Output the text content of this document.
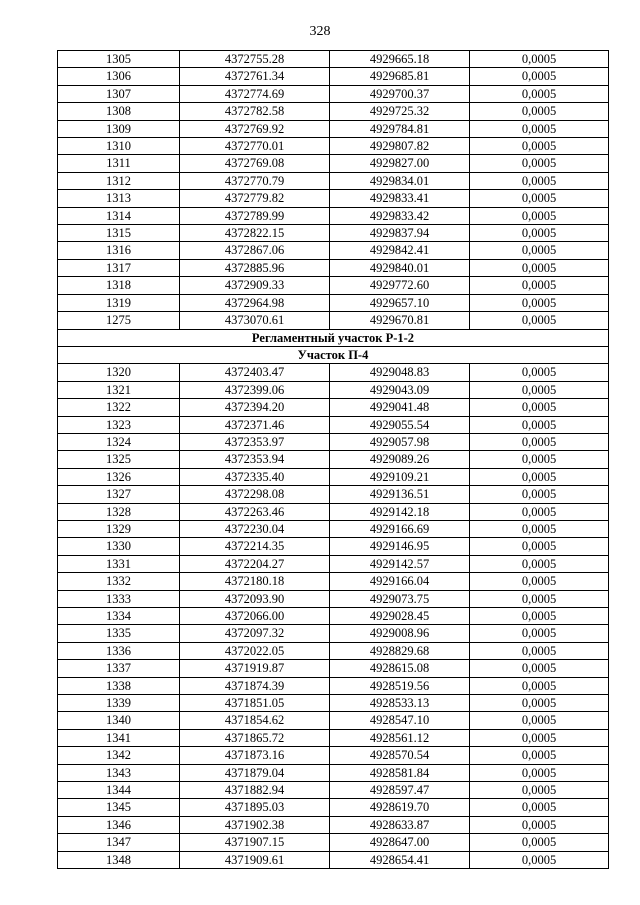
328
1305	4372755.28	4929665.18	0,0005
1306	4372761.34	4929685.81	0,0005
1307	4372774.69	4929700.37	0,0005
1308	4372782.58	4929725.32	0,0005
1309	4372769.92	4929784.81	0,0005
1310	4372770.01	4929807.82	0,0005
1311	4372769.08	4929827.00	0,0005
1312	4372770.79	4929834.01	0,0005
1313	4372779.82	4929833.41	0,0005
1314	4372789.99	4929833.42	0,0005
1315	4372822.15	4929837.94	0,0005
1316	4372867.06	4929842.41	0,0005
1317	4372885.96	4929840.01	0,0005
1318	4372909.33	4929772.60	0,0005
1319	4372964.98	4929657.10	0,0005
1275	4373070.61	4929670.81	0,0005
Регламентный участок Р-1-2			
Участок П-4			
1320	4372403.47	4929048.83	0,0005
1321	4372399.06	4929043.09	0,0005
1322	4372394.20	4929041.48	0,0005
1323	4372371.46	4929055.54	0,0005
1324	4372353.97	4929057.98	0,0005
1325	4372353.94	4929089.26	0,0005
1326	4372335.40	4929109.21	0,0005
1327	4372298.08	4929136.51	0,0005
1328	4372263.46	4929142.18	0,0005
1329	4372230.04	4929166.69	0,0005
1330	4372214.35	4929146.95	0,0005
1331	4372204.27	4929142.57	0,0005
1332	4372180.18	4929166.04	0,0005
1333	4372093.90	4929073.75	0,0005
1334	4372066.00	4929028.45	0,0005
1335	4372097.32	4929008.96	0,0005
1336	4372022.05	4928829.68	0,0005
1337	4371919.87	4928615.08	0,0005
1338	4371874.39	4928519.56	0,0005
1339	4371851.05	4928533.13	0,0005
1340	4371854.62	4928547.10	0,0005
1341	4371865.72	4928561.12	0,0005
1342	4371873.16	4928570.54	0,0005
1343	4371879.04	4928581.84	0,0005
1344	4371882.94	4928597.47	0,0005
1345	4371895.03	4928619.70	0,0005
1346	4371902.38	4928633.87	0,0005
1347	4371907.15	4928647.00	0,0005
1348	4371909.61	4928654.41	0,0005
